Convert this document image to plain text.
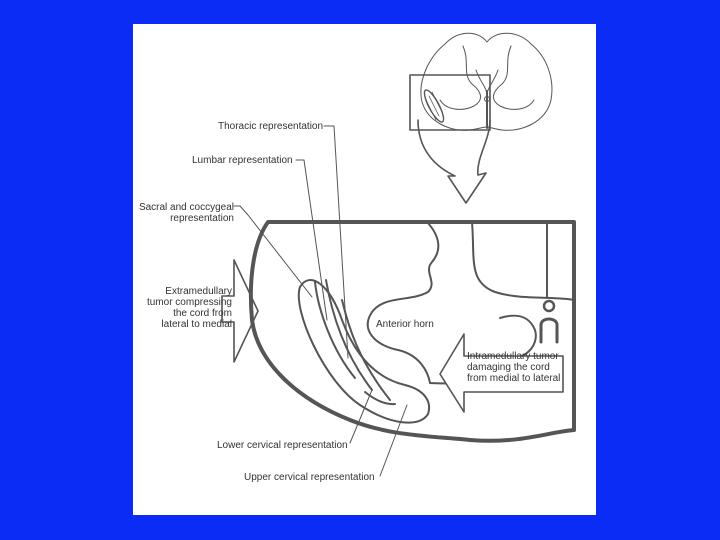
Thoracic representation
Lumbar representation
Sacral and coccygeal
representation
Extramedullary
tumor compressing
the cord from
lateral to medial	Anterior horn
Intramedullary tumor
damaging the cord
from medial to lateral
Lower cervical representation
Upper cervical representation
